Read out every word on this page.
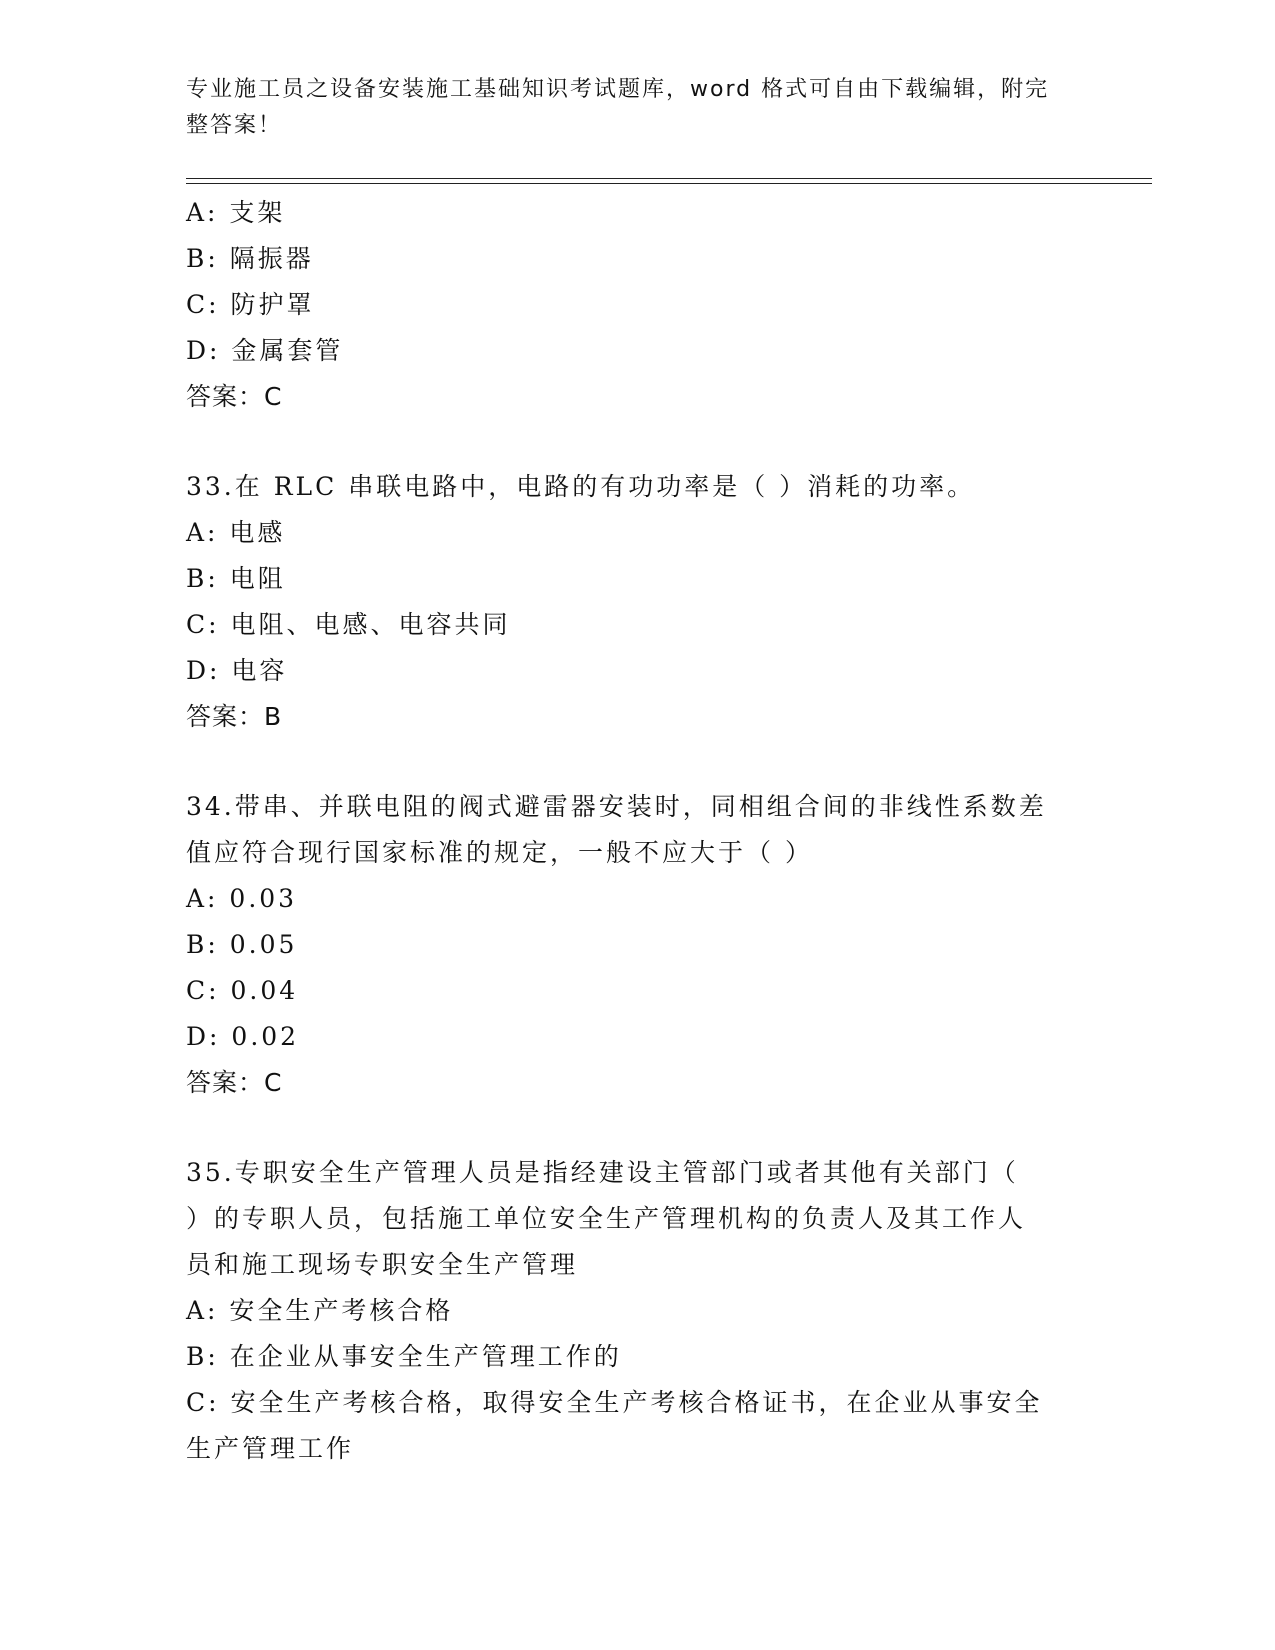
专业施工员之设备安装施工基础知识考试题库，word 格式可自由下载编辑，附完整答案！
A: 支架
B: 隔振器
C: 防护罩
D: 金属套管
答案：C
33.在 RLC 串联电路中，电路的有功功率是（ ）消耗的功率。
A: 电感
B: 电阻
C: 电阻、电感、电容共同
D: 电容
答案：B
34.带串、并联电阻的阀式避雷器安装时，同相组合间的非线性系数差
值应符合现行国家标准的规定，一般不应大于（ ）
A: 0.03
B: 0.05
C: 0.04
D: 0.02
答案：C
35.专职安全生产管理人员是指经建设主管部门或者其他有关部门（
）的专职人员，包括施工单位安全生产管理机构的负责人及其工作人
员和施工现场专职安全生产管理
A: 安全生产考核合格
B: 在企业从事安全生产管理工作的
C: 安全生产考核合格，取得安全生产考核合格证书，在企业从事安全
生产管理工作
